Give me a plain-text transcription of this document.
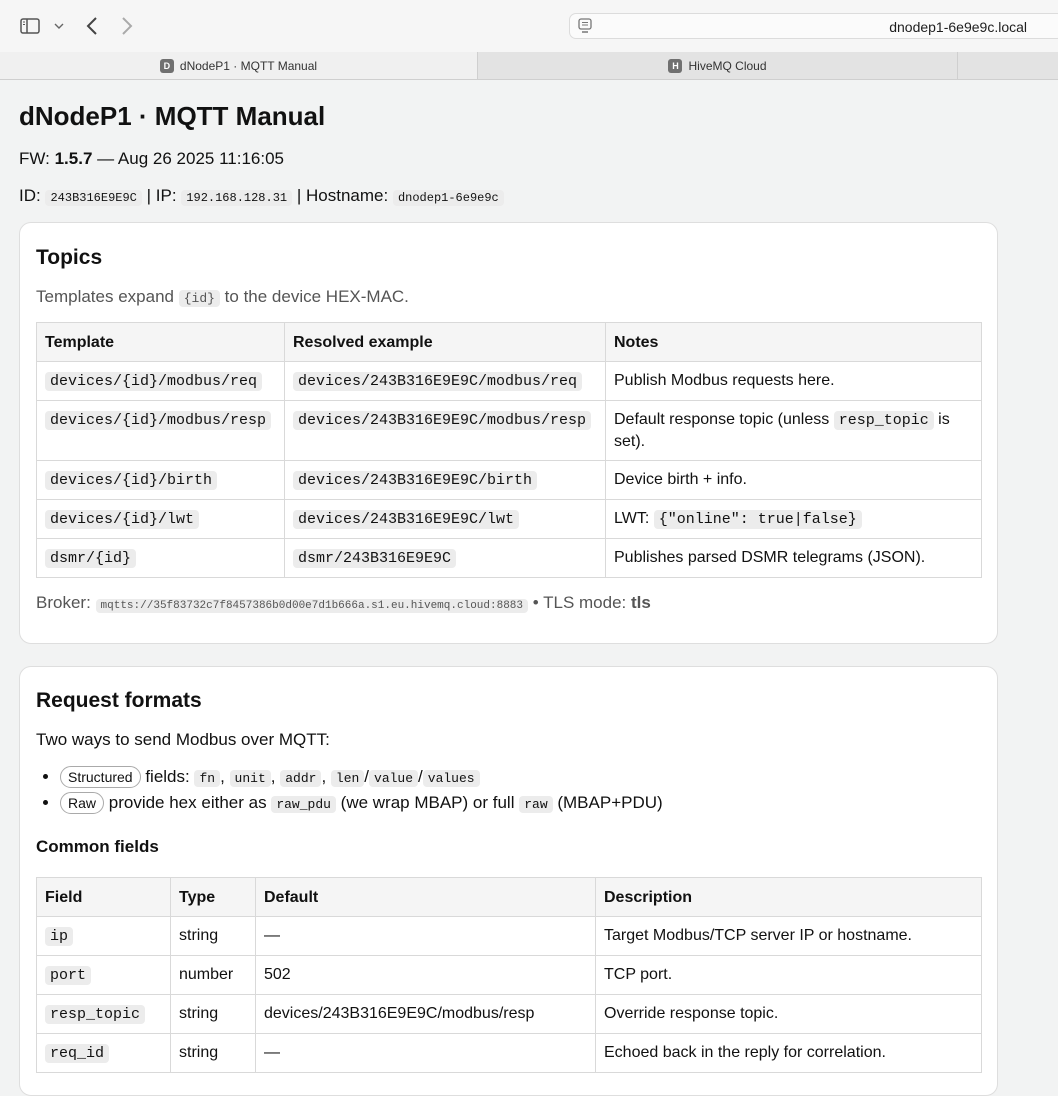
dnodep1-6e9e9c.local
D dNodeP1 · MQTT Manual	H HiveMQ Cloud
dNodeP1 · MQTT Manual
FW: 1.5.7 — Aug 26 2025 11:16:05
ID: 243B316E9E9C | IP: 192.168.128.31 | Hostname: dnodep1-6e9e9c
Topics
Templates expand {id} to the device HEX-MAC.
Template	Resolved example	Notes
devices/{id}/modbus/req	devices/243B316E9E9C/modbus/req	Publish Modbus requests here.
devices/{id}/modbus/resp	devices/243B316E9E9C/modbus/resp	Default response topic (unless resp_topic is set).
devices/{id}/birth	devices/243B316E9E9C/birth	Device birth + info.
devices/{id}/lwt	devices/243B316E9E9C/lwt	LWT: {"online": true|false}
dsmr/{id}	dsmr/243B316E9E9C	Publishes parsed DSMR telegrams (JSON).
Broker: mqtts://35f83732c7f8457386b0d00e7d1b666a.s1.eu.hivemq.cloud:8883 • TLS mode: tls
Request formats
Two ways to send Modbus over MQTT:
• Structured fields: fn , unit , addr , len / value / values
• Raw provide hex either as raw_pdu (we wrap MBAP) or full raw (MBAP+PDU)
Common fields
Field	Type	Default	Description
ip	string	—	Target Modbus/TCP server IP or hostname.
port	number	502	TCP port.
resp_topic	string	devices/243B316E9E9C/modbus/resp	Override response topic.
req_id	string	—	Echoed back in the reply for correlation.
